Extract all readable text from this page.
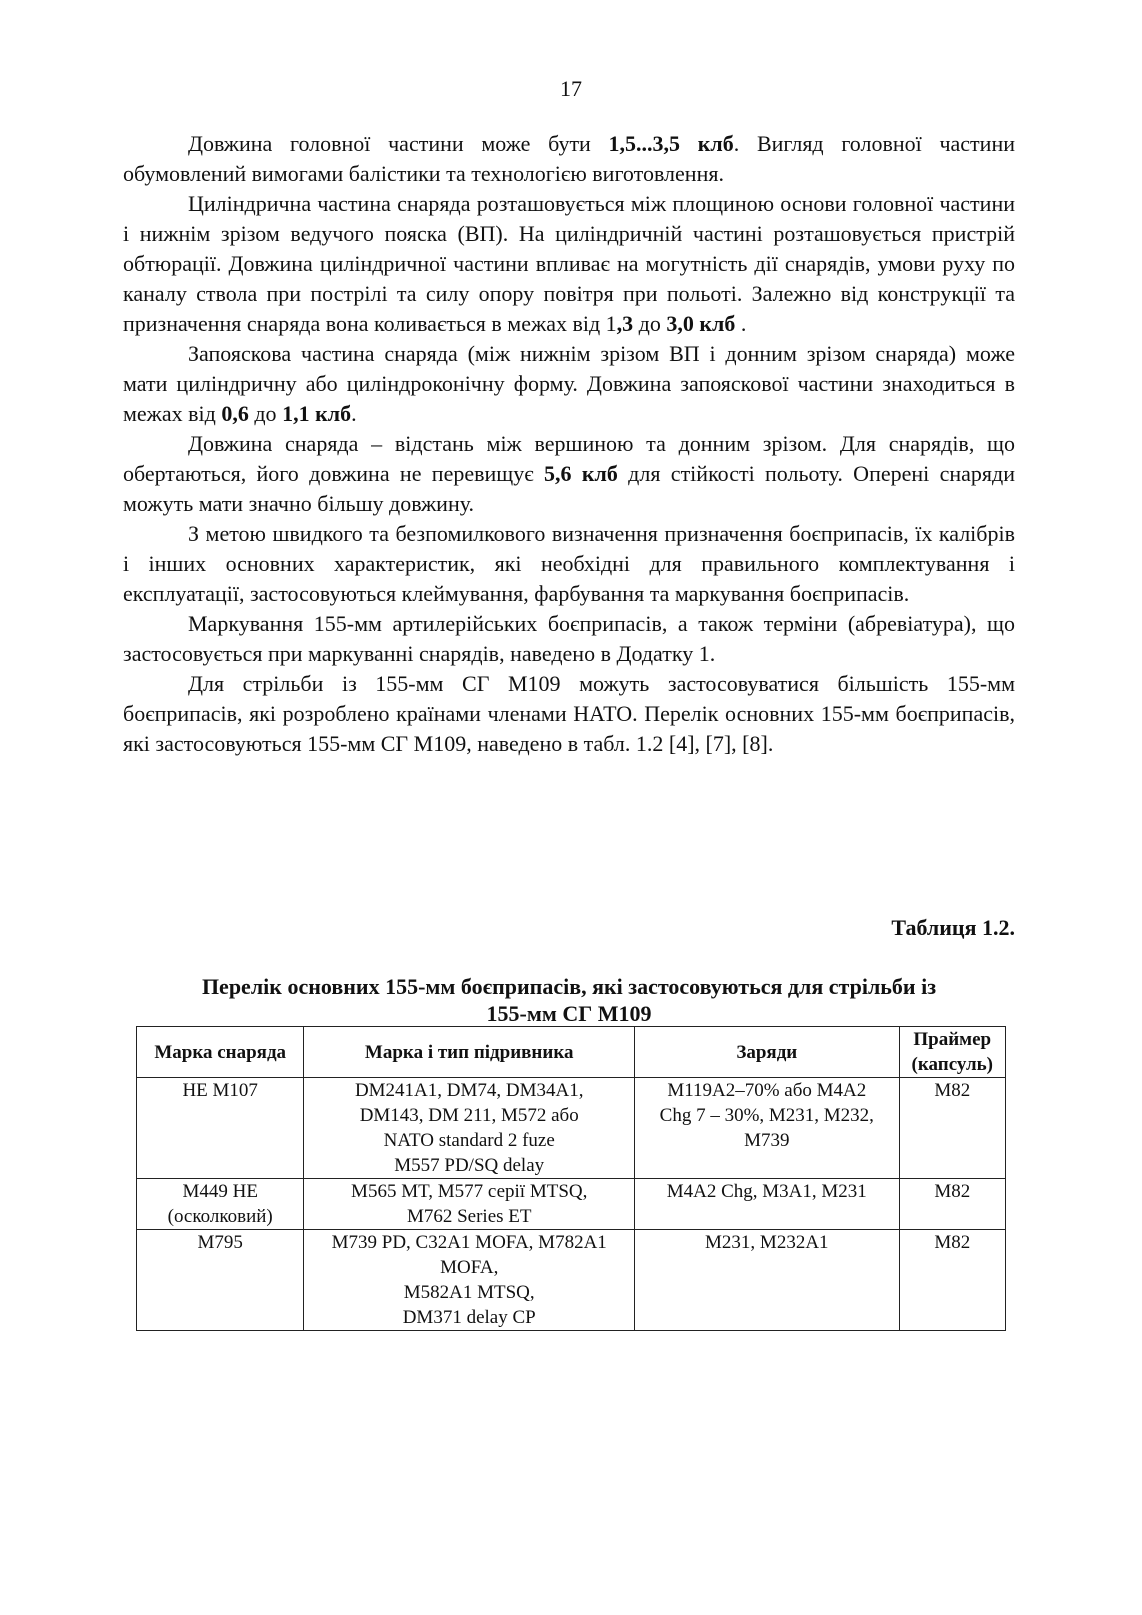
17

Довжина головної частини може бути 1,5...3,5 клб. Вигляд головної частини обумовлений вимогами балістики та технологією виготовлення.

Циліндрична частина снаряда розташовується між площиною основи головної частини і нижнім зрізом ведучого пояска (ВП). На циліндричній частині розташовується пристрій обтюрації. Довжина циліндричної частини впливає на могутність дії снарядів, умови руху по каналу ствола при пострілі та силу опору повітря при польоті. Залежно від конструкції та призначення снаряда вона коливається в межах від 1,3 до 3,0 клб .

Запояскова частина снаряда (між нижнім зрізом ВП і донним зрізом снаряда) може мати циліндричну або циліндроконічну форму. Довжина запояскової частини знаходиться в межах від 0,6 до 1,1 клб.

Довжина снаряда – відстань між вершиною та донним зрізом. Для снарядів, що обертаються, його довжина не перевищує 5,6 клб для стійкості польоту. Оперені снаряди можуть мати значно більшу довжину.

З метою швидкого та безпомилкового визначення призначення боєприпасів, їх калібрів і інших основних характеристик, які необхідні для правильного комплектування і експлуатації, застосовуються клеймування, фарбування та маркування боєприпасів.

Маркування 155-мм артилерійських боєприпасів, а також терміни (абревіатура), що застосовується при маркуванні снарядів, наведено в Додатку 1.

Для стрільби із 155-мм СГ М109 можуть застосовуватися більшість 155-мм боєприпасів, які розроблено країнами членами НАТО. Перелік основних 155-мм боєприпасів, які застосовуються 155-мм СГ М109, наведено в табл. 1.2 [4], [7], [8].

Таблиця 1.2.
Перелік основних 155-мм боєприпасів, які застосовуються для стрільби із
155-мм СГ М109
Марка снаряда	Марка і тип підривника	Заряди	Праймер
(капсуль)

HE M107	DM241A1, DM74, DM34A1,
DM143, DM 211, M572 або
NATO standard 2 fuze
M557 PD/SQ delay	M119A2–70% або M4A2
Chg 7 – 30%, M231, M232,
M739	M82

M449 HE
(осколковий)	M565 MT, M577 серії MTSQ,
M762 Series ET	M4A2 Chg, M3A1, M231	M82

M795	M739 PD, C32A1 MOFA, M782A1
MOFA,
M582A1 MTSQ,
DM371 delay CP	M231, M232A1	M82
